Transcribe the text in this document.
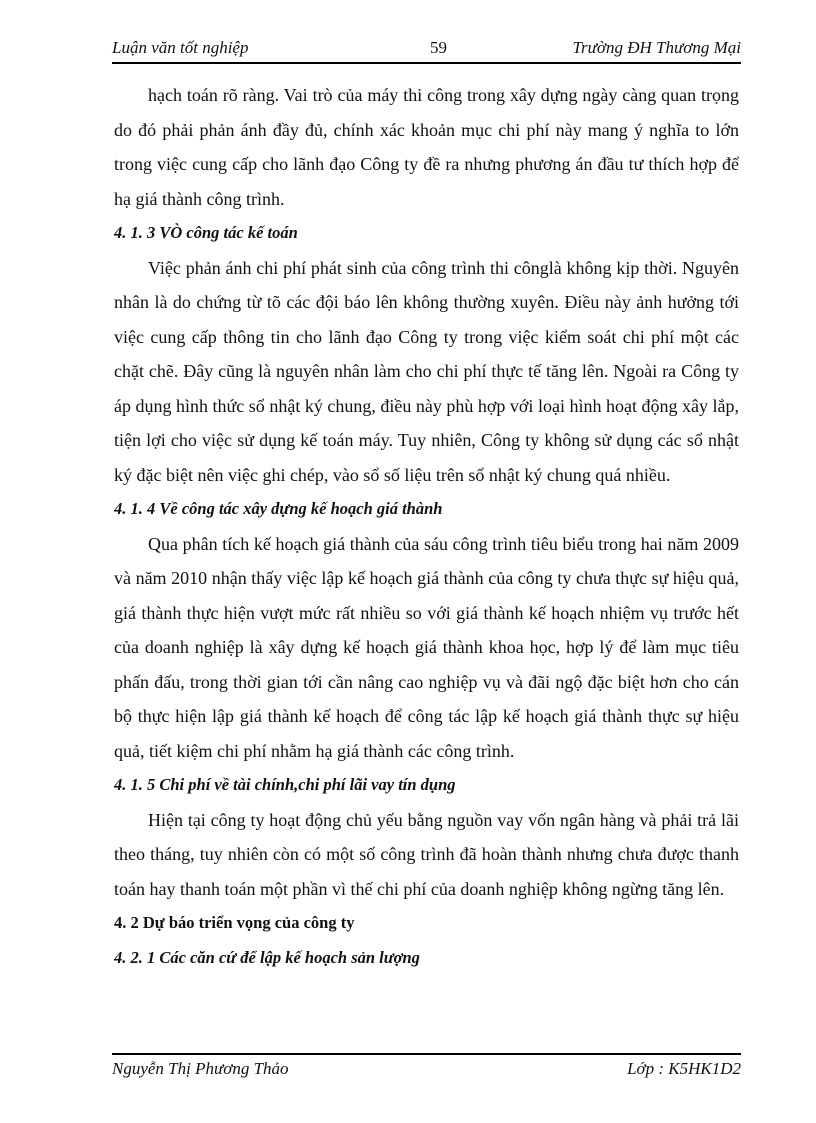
Luận văn tốt nghiệp	59	Trường ĐH Thương Mại

hạch toán rõ ràng. Vai trò của máy thi công trong xây dựng ngày càng quan trọng do đó phải phản ánh đầy đủ, chính xác khoản mục chi phí này mang ý nghĩa to lớn trong việc cung cấp cho lãnh đạo Công ty đề ra nhưng phương án đầu tư thích hợp để hạ giá thành công trình.

4. 1. 3 VÒ công tác kế toán

Việc phản ánh chi phí phát sinh của công trình thi cônglà không kịp thời. Nguyên nhân là do chứng từ tõ các đội báo lên không thường xuyên. Điều này ảnh hưởng tới việc cung cấp thông tin cho lãnh đạo Công ty trong việc kiểm soát chi phí một các chặt chẽ. Đây cũng là nguyên nhân làm cho chi phí thực tế tăng lên. Ngoài ra Công ty áp dụng hình thức sổ nhật ký chung, điều này phù hợp với loại hình hoạt động xây lắp, tiện lợi cho việc sử dụng kế toán máy. Tuy nhiên, Công ty không sử dụng các sổ nhật ký đặc biệt nên việc ghi chép, vào sổ số liệu trên sổ nhật ký chung quá nhiều.

4. 1. 4 Về công tác xây dựng kế hoạch giá thành

Qua phân tích kế hoạch giá thành của sáu công trình tiêu biểu trong hai năm 2009 và năm 2010 nhận thấy việc lập kế hoạch giá thành của công ty chưa thực sự hiệu quả, giá thành thực hiện vượt mức rất nhiều so với giá thành kế hoạch nhiệm vụ trước hết của doanh nghiệp là xây dựng kế hoạch giá thành khoa học, hợp lý để làm mục tiêu phấn đấu, trong thời gian tới cần nâng cao nghiệp vụ và đãi ngộ đặc biệt hơn cho cán bộ thực hiện lập giá thành kế hoạch để công tác lập kế hoạch giá thành thực sự hiệu quả, tiết kiệm chi phí nhằm hạ giá thành các công trình.

4. 1. 5 Chi phí về tài chính,chi phí lãi vay tín dụng

Hiện tại công ty hoạt động chủ yếu bằng nguồn vay vốn ngân hàng và phải trả lãi theo tháng, tuy nhiên còn có một số công trình đã hoàn thành nhưng chưa được thanh toán hay thanh toán một phần vì thế chi phí của doanh nghiệp không ngừng tăng lên.

4. 2 Dự báo triển vọng của công ty

4. 2. 1 Các căn cứ để lập kế hoạch sản lượng

Nguyễn Thị Phương Thảo	Lớp : K5HK1D2
